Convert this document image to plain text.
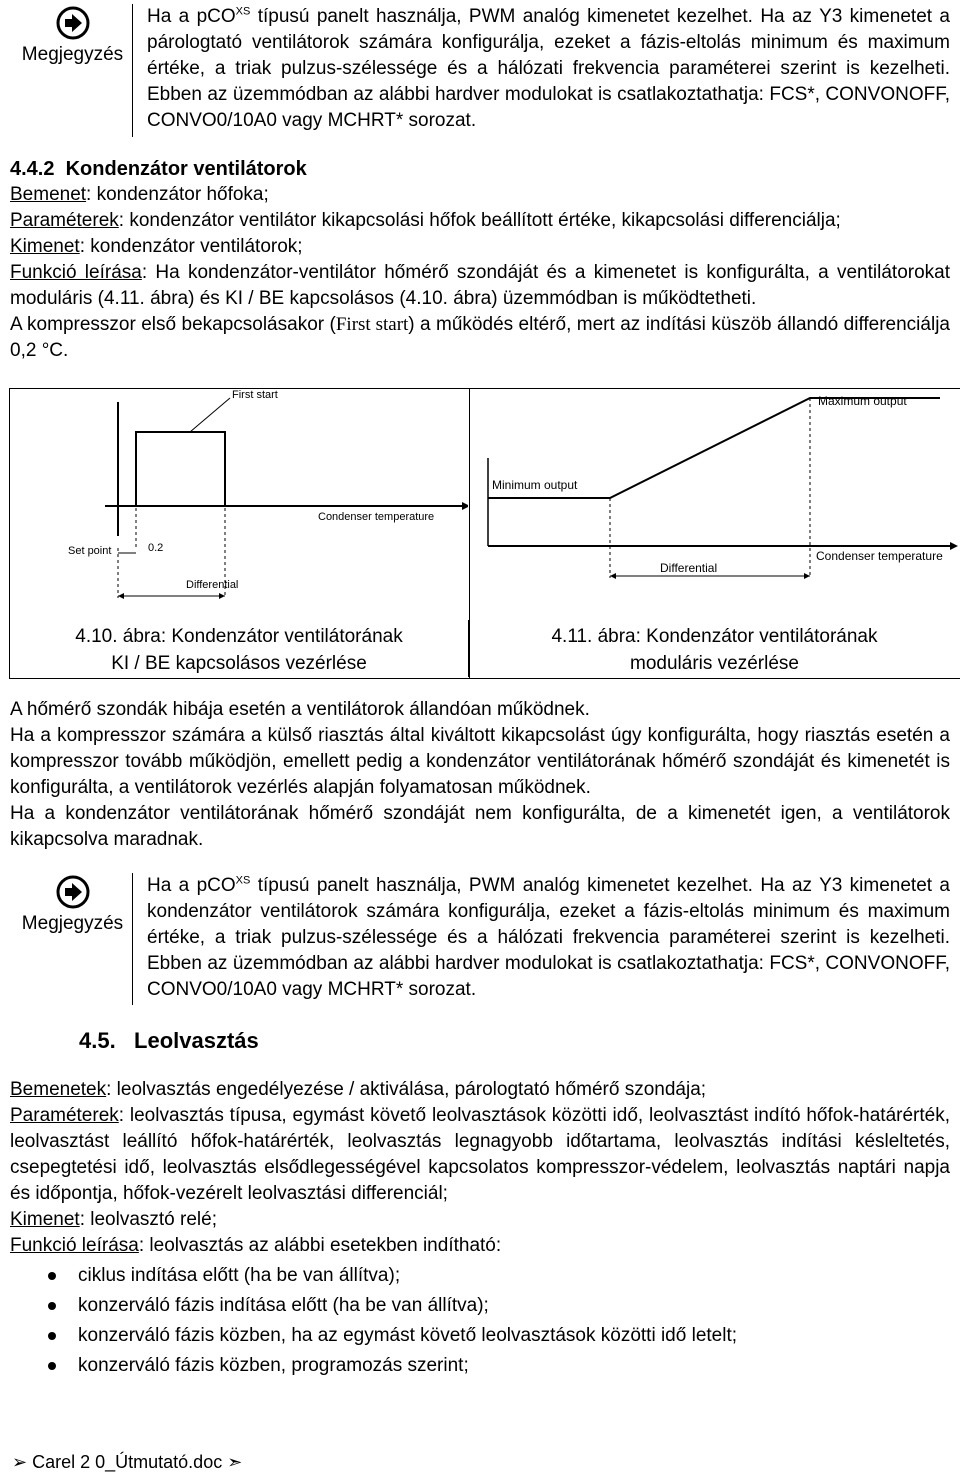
Megjegyzés
Ha a pCO$^{XS}$ típusú panelt használja, PWM analóg kimenetet kezelhet. Ha az Y3 kimenetet a párologtató ventilátorok számára konfigurálja, ezeket a fázis-eltolás minimum és maximum értéke, a triak pulzus-szélessége és a hálózati frekvencia paraméterei szerint is kezelheti. Ebben az üzemmódban az alábbi hardver modulokat is csatlakoztathatja: FCS*, CONVONOFF, CONVO0/10A0 vagy MCHRT* sorozat.
4.4.2 Kondenzátor ventilátorok
Bemenet: kondenzátor hőfoka;
Paraméterek: kondenzátor ventilátor kikapcsolási hőfok beállított értéke, kikapcsolási differenciálja;
Kimenet: kondenzátor ventilátorok;
Funkció leírása: Ha kondenzátor-ventilátor hőmérő szondáját és a kimenetet is konfigurálta, a ventilátorokat moduláris (4.11. ábra) és KI / BE kapcsolásos (4.10. ábra) üzemmódban is működtetheti.
A kompresszor első bekapcsolásakor (First start) a működés eltérő, mert az indítási küszöb állandó differenciálja 0,2 °C.
First start
0.2
Differential
Set point
Condenser temperature
Maximum output
Minimum output
Condenser temperature
Differential
4.10. ábra: Kondenzátor ventilátorának
KI / BE kapcsolásos vezérlése
4.11. ábra: Kondenzátor ventilátorának
moduláris vezérlése
A hőmérő szondák hibája esetén a ventilátorok állandóan működnek.
Ha a kompresszor számára a külső riasztás által kiváltott kikapcsolást úgy konfigurálta, hogy riasztás esetén a kompresszor tovább működjön, emellett pedig a kondenzátor ventilátorának hőmérő szondáját és kimenetét is konfigurálta, a ventilátorok vezérlés alapján folyamatosan működnek.
Ha a kondenzátor ventilátorának hőmérő szondáját nem konfigurálta, de a kimenetét igen, a ventilátorok kikapcsolva maradnak.
Megjegyzés
Ha a pCO$^{XS}$ típusú panelt használja, PWM analóg kimenetet kezelhet. Ha az Y3 kimenetet a kondenzátor ventilátorok számára konfigurálja, ezeket a fázis-eltolás minimum és maximum értéke, a triak pulzus-szélessége és a hálózati frekvencia paraméterei szerint is kezelheti. Ebben az üzemmódban az alábbi hardver modulokat is csatlakoztathatja: FCS*, CONVONOFF, CONVO0/10A0 vagy MCHRT* sorozat.
4.5. Leolvasztás
Bemenetek: leolvasztás engedélyezése / aktiválása, párologtató hőmérő szondája;
Paraméterek: leolvasztás típusa, egymást követő leolvasztások közötti idő, leolvasztást indító hőfok-határérték, leolvasztást leállító hőfok-határérték, leolvasztás legnagyobb időtartama, leolvasztás indítási késleltetés, csepegtetési idő, leolvasztás elsődlegességével kapcsolatos kompresszor-védelem, leolvasztás naptári napja és időpontja, hőfok-vezérelt leolvasztási differenciál;
Kimenet: leolvasztó relé;
Funkció leírása: leolvasztás az alábbi esetekben indítható:
ciklus indítása előtt (ha be van állítva);
konzerváló fázis indítása előtt (ha be van állítva);
konzerváló fázis közben, ha az egymást követő leolvasztások közötti idő letelt;
konzerváló fázis közben, programozás szerint;
➢ Carel 2 0_Útmutató.doc ➣
